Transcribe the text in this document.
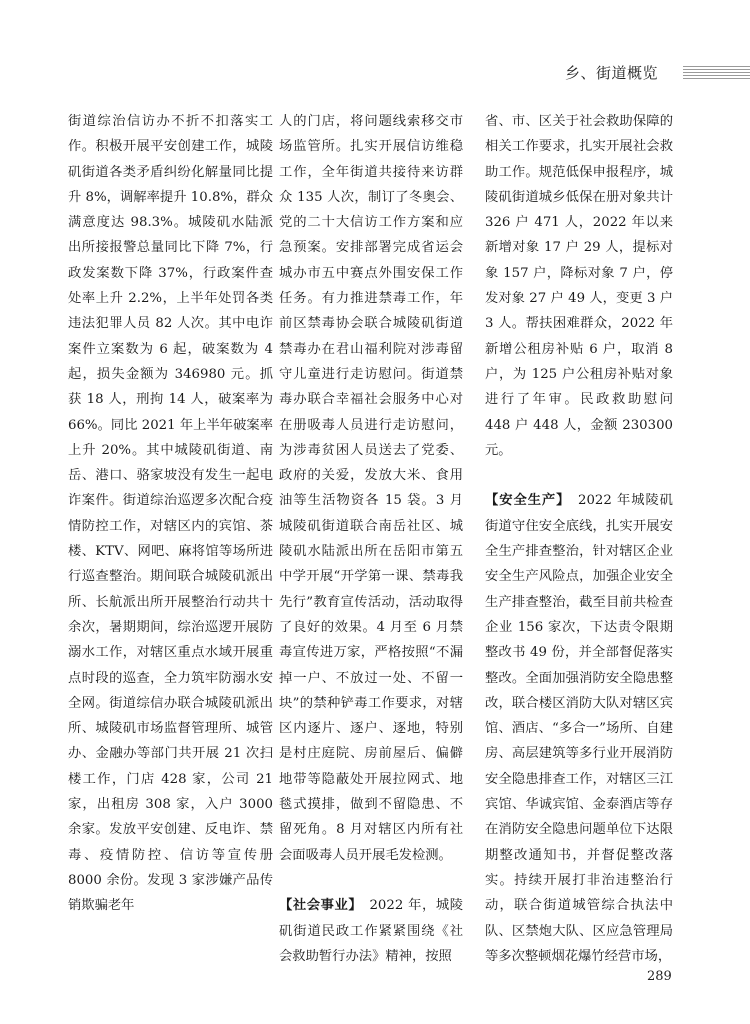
乡、街道概览

街道综治信访办不折不扣落实工作。积极开展平安创建工作，城陵矶街道各类矛盾纠纷化解量同比提升 8%，调解率提升 10.8%，群众满意度达 98.3%。城陵矶水陆派出所接报警总量同比下降 7%，行政发案数下降 37%，行政案件查处率上升 2.2%，上半年处罚各类违法犯罪人员 82 人次。其中电诈案件立案数为 6 起，破案数为 4 起，损失金额为 346980 元。抓获 18 人，刑拘 14 人，破案率为 66%。同比 2021 年上半年破案率上升 20%。其中城陵矶街道、南岳、港口、骆家坡没有发生一起电诈案件。街道综治巡逻多次配合疫情防控工作，对辖区内的宾馆、茶楼、KTV、网吧、麻将馆等场所进行巡查整治。期间联合城陵矶派出所、长航派出所开展整治行动共十余次，暑期期间，综治巡逻开展防溺水工作，对辖区重点水域开展重点时段的巡查，全力筑牢防溺水安全网。街道综信办联合城陵矶派出所、城陵矶市场监督管理所、城管办、金融办等部门共开展 21 次扫楼工作，门店 428 家，公司 21 家，出租房 308 家，入户 3000 余家。发放平安创建、反电诈、禁毒、疫情防控、信访等宣传册 8000 余份。发现 3 家涉嫌产品传销欺骗老年

人的门店，将问题线索移交市场监管所。扎实开展信访维稳工作，全年街道共接待来访群众 135 人次，制订了冬奥会、党的二十大信访工作方案和应急预案。安排部署完成省运会城办市五中赛点外围安保工作任务。有力推进禁毒工作，年前区禁毒协会联合城陵矶街道禁毒办在君山福利院对涉毒留守儿童进行走访慰问。街道禁毒办联合幸福社会服务中心对在册吸毒人员进行走访慰问，为涉毒贫困人员送去了党委、政府的关爱，发放大米、食用油等生活物资各 15 袋。3 月城陵矶街道联合南岳社区、城陵矶水陆派出所在岳阳市第五中学开展“开学第一课、禁毒我先行”教育宣传活动，活动取得了良好的效果。4 月至 6 月禁毒宣传进万家，严格按照“不漏掉一户、不放过一处、不留一块”的禁种铲毒工作要求，对辖区内逐片、逐户、逐地，特别是村庄庭院、房前屋后、偏僻地带等隐蔽处开展拉网式、地毯式摸排，做到不留隐患、不留死角。8 月对辖区内所有社会面吸毒人员开展毛发检测。

【社会事业】　 2022 年，城陵矶街道民政工作紧紧围绕《社会救助暂行办法》精神，按照

省、市、区关于社会救助保障的相关工作要求，扎实开展社会救助工作。规范低保申报程序，城陵矶街道城乡低保在册对象共计 326 户 471 人，2022 年以来新增对象 17 户 29 人，提标对象 157 户，降标对象 7 户，停发对象 27 户 49 人，变更 3 户 3 人。帮扶困难群众，2022 年新增公租房补贴 6 户，取消 8 户，为 125 户公租房补贴对象进行了年审。民政救助慰问 448 户 448 人，金额 230300 元。

【安全生产】　 2022 年城陵矶街道守住安全底线，扎实开展安全生产排查整治，针对辖区企业安全生产风险点，加强企业安全生产排查整治，截至目前共检查企业 156 家次，下达责令限期整改书 49 份，并全部督促落实整改。全面加强消防安全隐患整改，联合楼区消防大队对辖区宾馆、酒店、“多合一”场所、自建房、高层建筑等多行业开展消防安全隐患排查工作，对辖区三江宾馆、华诚宾馆、金泰酒店等存在消防安全隐患问题单位下达限期整改通知书，并督促整改落实。持续开展打非治违整治行动，联合街道城管综合执法中队、区禁炮大队、区应急管理局等多次整顿烟花爆竹经营市场，

289
